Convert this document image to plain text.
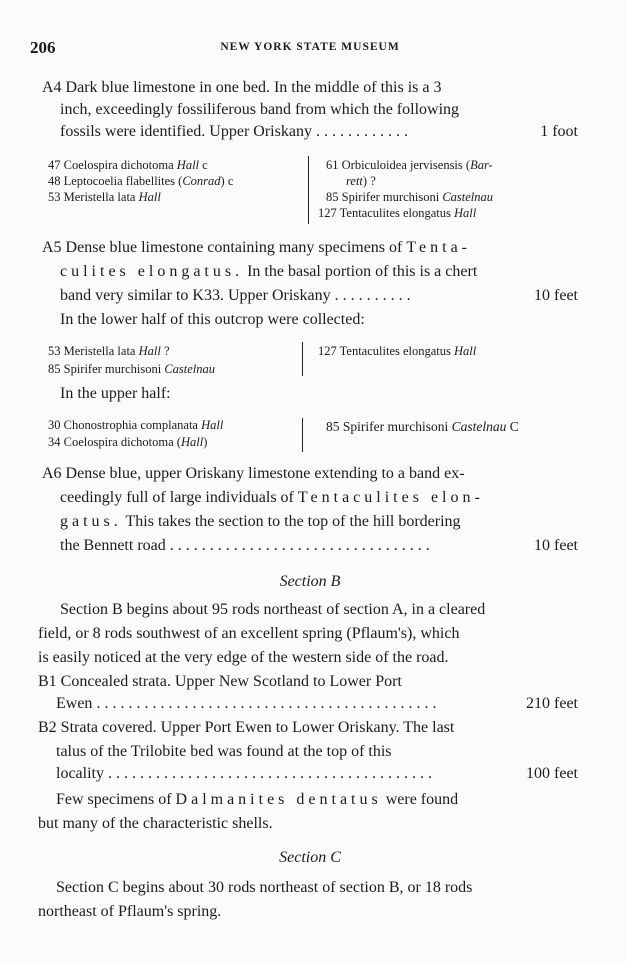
206	NEW YORK STATE MUSEUM
A4 Dark blue limestone in one bed. In the middle of this is a 3
inch, exceedingly fossiliferous band from which the following
fossils were identified. Upper Oriskany . . . . . . . . . . . .	1 foot
47 Coelospira dichotoma Hall c
48 Leptocoelia flabellites (Conrad) c
53 Meristella lata Hall
61 Orbiculoidea jervisensis (Bar-
rett) ?
85 Spirifer murchisoni Castelnau
127 Tentaculites elongatus Hall
A5 Dense blue limestone containing many specimens of Tenta-
culites elongatus. In the basal portion of this is a chert
band very similar to K33. Upper Oriskany . . . . . . . . . .	10 feet
In the lower half of this outcrop were collected:
53 Meristella lata Hall ?
85 Spirifer murchisoni Castelnau
127 Tentaculites elongatus Hall
In the upper half:
30 Chonostrophia complanata Hall
34 Coelospira dichotoma (Hall)
85 Spirifer murchisoni Castelnau C
A6 Dense blue, upper Oriskany limestone extending to a band ex-
ceedingly full of large individuals of Tentaculites elon-
gatus. This takes the section to the top of the hill bordering
the Bennett road . . . . . . . . . . . . . . . . . . . . . . . . . . . . . . . . .	10 feet
Section B
Section B begins about 95 rods northeast of section A, in a cleared
field, or 8 rods southwest of an excellent spring (Pflaum's), which
is easily noticed at the very edge of the western side of the road.
B1 Concealed strata. Upper New Scotland to Lower Port
Ewen . . . . . . . . . . . . . . . . . . . . . . . . . . . . . . . . . . . . . . . . . . .	210 feet
B2 Strata covered. Upper Port Ewen to Lower Oriskany. The last
talus of the Trilobite bed was found at the top of this
locality . . . . . . . . . . . . . . . . . . . . . . . . . . . . . . . . . . . . . . . . .	100 feet
Few specimens of Dalmanites dentatus were found
but many of the characteristic shells.
Section C
Section C begins about 30 rods northeast of section B, or 18 rods
northeast of Pflaum's spring.
